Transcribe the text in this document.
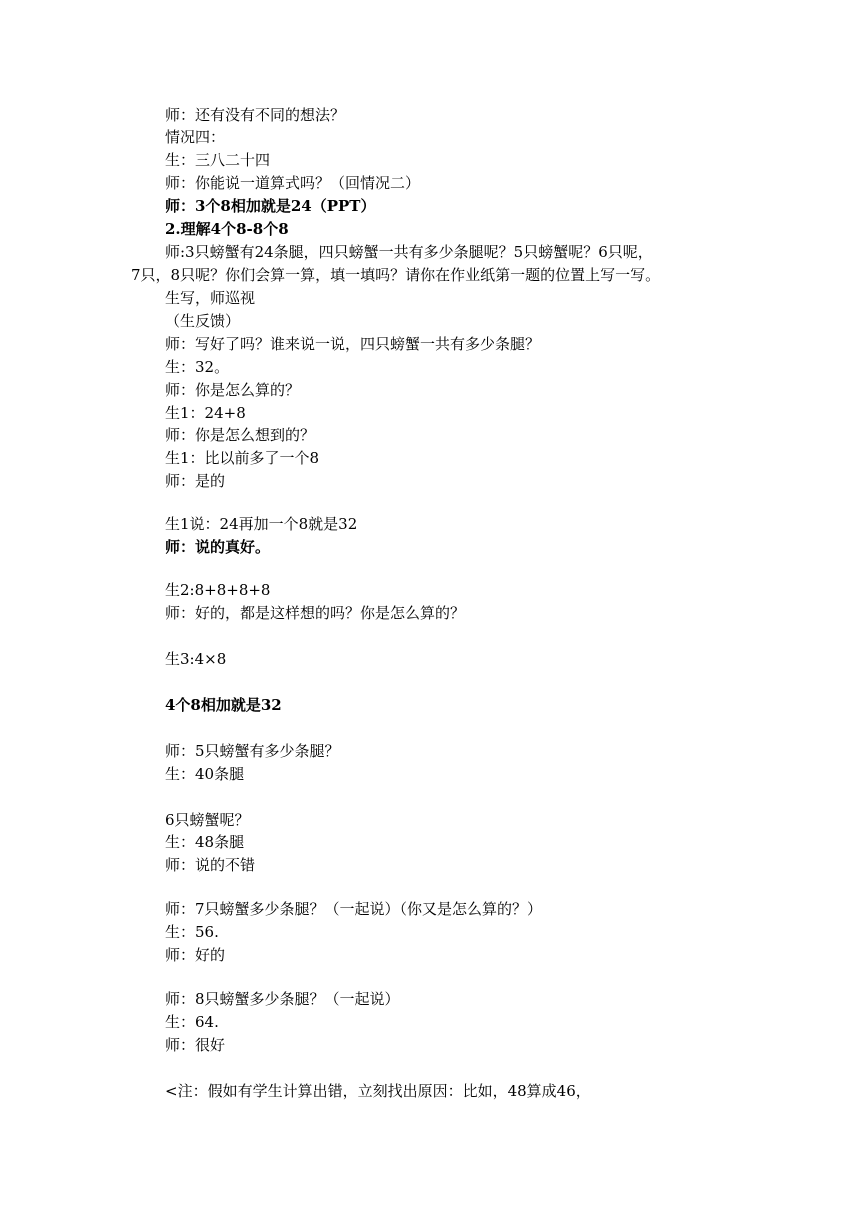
师：还有没有不同的想法？
情况四：
生：三八二十四
师：你能说一道算式吗？（回情况二）
师：3个8相加就是24（PPT）
2.理解4个8-8个8
师:3只螃蟹有24条腿，四只螃蟹一共有多少条腿呢？5只螃蟹呢？6只呢，
7只，8只呢？你们会算一算，填一填吗？请你在作业纸第一题的位置上写一写。
生写，师巡视
（生反馈）
师：写好了吗？谁来说一说，四只螃蟹一共有多少条腿？
生：32。
师：你是怎么算的？
生1：24+8
师：你是怎么想到的？
生1：比以前多了一个8
师：是的
生1说：24再加一个8就是32
师：说的真好。
生2:8+8+8+8
师：好的，都是这样想的吗？你是怎么算的？
生3:4×8
4个8相加就是32
师：5只螃蟹有多少条腿？
生：40条腿
6只螃蟹呢？
生：48条腿
师：说的不错
师：7只螃蟹多少条腿？（一起说）（你又是怎么算的？）
生：56.
师：好的
师：8只螃蟹多少条腿？（一起说）
生：64.
师：很好
<注：假如有学生计算出错，立刻找出原因：比如，48算成46，
